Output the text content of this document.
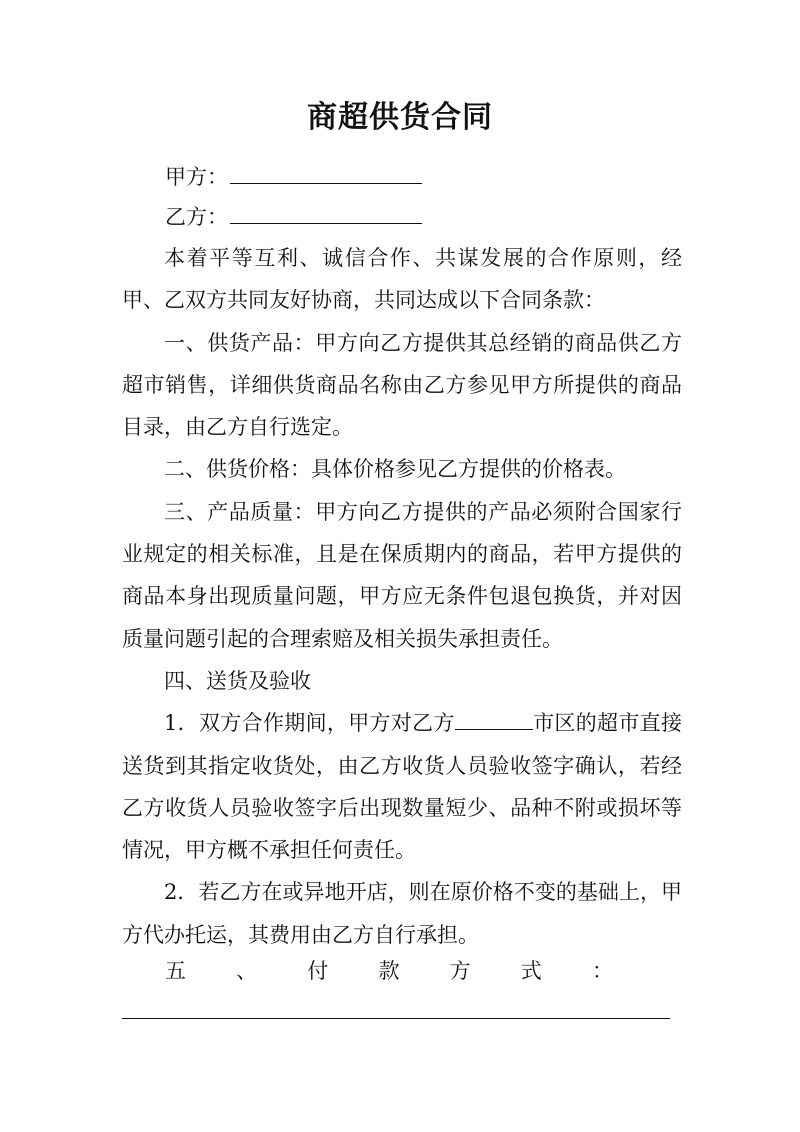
商超供货合同
甲方：
乙方：

本着平等互利、诚信合作、共谋发展的合作原则，经甲、乙双方共同友好协商，共同达成以下合同条款：

一、供货产品：甲方向乙方提供其总经销的商品供乙方超市销售，详细供货商品名称由乙方参见甲方所提供的商品目录，由乙方自行选定。

二、供货价格：具体价格参见乙方提供的价格表。

三、产品质量：甲方向乙方提供的产品必须附合国家行业规定的相关标准，且是在保质期内的商品，若甲方提供的商品本身出现质量问题，甲方应无条件包退包换货，并对因质量问题引起的合理索赔及相关损失承担责任。

四、送货及验收

1．双方合作期间，甲方对乙方	市区的超市直接送货到其指定收货处，由乙方收货人员验收签字确认，若经乙方收货人员验收签字后出现数量短少、品种不附或损坏等情况，甲方概不承担任何责任。

2．若乙方在或异地开店，则在原价格不变的基础上，甲方代办托运，其费用由乙方自行承担。

五 、 付 款 方 式 ：
